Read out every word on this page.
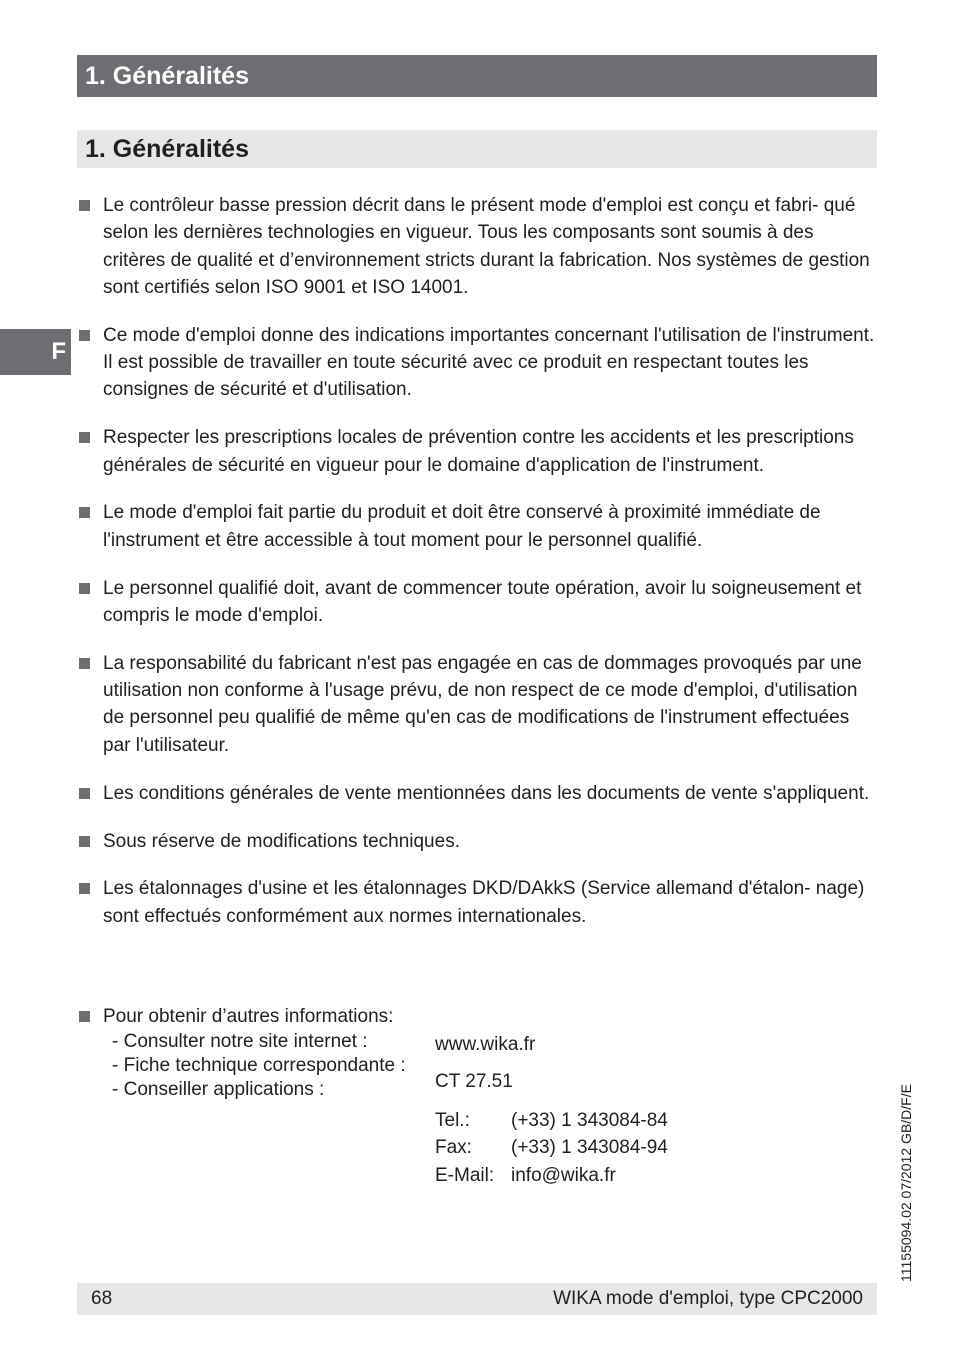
1. Généralités
1. Généralités
F
Le contrôleur basse pression décrit dans le présent mode d'emploi est conçu et fabri- qué selon les dernières technologies en vigueur. Tous les composants sont soumis à des critères de qualité et d’environnement stricts durant la fabrication. Nos systèmes de gestion sont certifiés selon ISO 9001 et ISO 14001.
Ce mode d'emploi donne des indications importantes concernant l'utilisation de l'instrument. Il est possible de travailler en toute sécurité avec ce produit en respectant toutes les consignes de sécurité et d'utilisation.
Respecter les prescriptions locales de prévention contre les accidents et les prescriptions générales de sécurité en vigueur pour le domaine d'application de l'instrument.
Le mode d'emploi fait partie du produit et doit être conservé à proximité immédiate de l'instrument et être accessible à tout moment pour le personnel qualifié.
Le personnel qualifié doit, avant de commencer toute opération, avoir lu soigneusement et compris le mode d'emploi.
La responsabilité du fabricant n'est pas engagée en cas de dommages provoqués par une utilisation non conforme à l'usage prévu, de non respect de ce mode d'emploi, d'utilisation de personnel peu qualifié de même qu'en cas de modifications de l'instrument effectuées par l'utilisateur.
Les conditions générales de vente mentionnées dans les documents de vente s'appliquent.
Sous réserve de modifications techniques.
Les étalonnages d'usine et les étalonnages DKD/DAkkS (Service allemand d'étalon- nage) sont effectués conformément aux normes internationales.
Pour obtenir d’autres informations:
- Consulter notre site internet :
- Fiche technique correspondante :
- Conseiller applications :
www.wika.fr
CT 27.51
Tel.: (+33) 1 343084-84
Fax: (+33) 1 343084-94
E-Mail: info@wika.fr	11155094.02 07/2012 GB/D/F/E
68	WIKA mode d'emploi, type CPC2000
